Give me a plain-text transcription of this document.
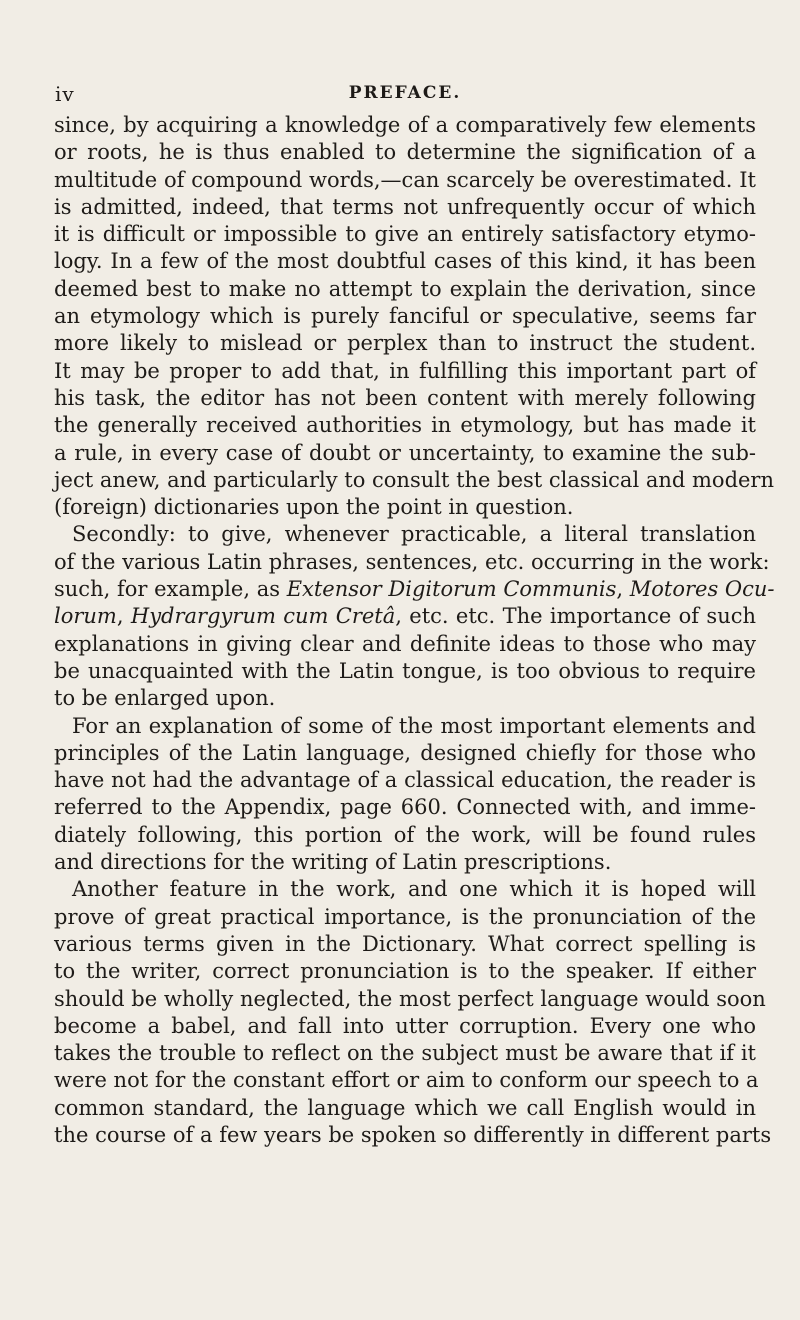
iv	PREFACE.
since, by acquiring a knowledge of a comparatively few elements
or roots, he is thus enabled to determine the signification of a
multitude of compound words,—can scarcely be overestimated. It
is admitted, indeed, that terms not unfrequently occur of which
it is difficult or impossible to give an entirely satisfactory etymo-
logy. In a few of the most doubtful cases of this kind, it has been
deemed best to make no attempt to explain the derivation, since
an etymology which is purely fanciful or speculative, seems far
more likely to mislead or perplex than to instruct the student.
It may be proper to add that, in fulfilling this important part of
his task, the editor has not been content with merely following
the generally received authorities in etymology, but has made it
a rule, in every case of doubt or uncertainty, to examine the sub-
ject anew, and particularly to consult the best classical and modern
(foreign) dictionaries upon the point in question.
Secondly: to give, whenever practicable, a literal translation
of the various Latin phrases, sentences, etc. occurring in the work:
such, for example, as Extensor Digitorum Communis, Motores Ocu-
lorum, Hydrargyrum cum Cretâ, etc. etc. The importance of such
explanations in giving clear and definite ideas to those who may
be unacquainted with the Latin tongue, is too obvious to require
to be enlarged upon.
For an explanation of some of the most important elements and
principles of the Latin language, designed chiefly for those who
have not had the advantage of a classical education, the reader is
referred to the Appendix, page 660. Connected with, and imme-
diately following, this portion of the work, will be found rules
and directions for the writing of Latin prescriptions.
Another feature in the work, and one which it is hoped will
prove of great practical importance, is the pronunciation of the
various terms given in the Dictionary. What correct spelling is
to the writer, correct pronunciation is to the speaker. If either
should be wholly neglected, the most perfect language would soon
become a babel, and fall into utter corruption. Every one who
takes the trouble to reflect on the subject must be aware that if it
were not for the constant effort or aim to conform our speech to a
common standard, the language which we call English would in
the course of a few years be spoken so differently in different parts
